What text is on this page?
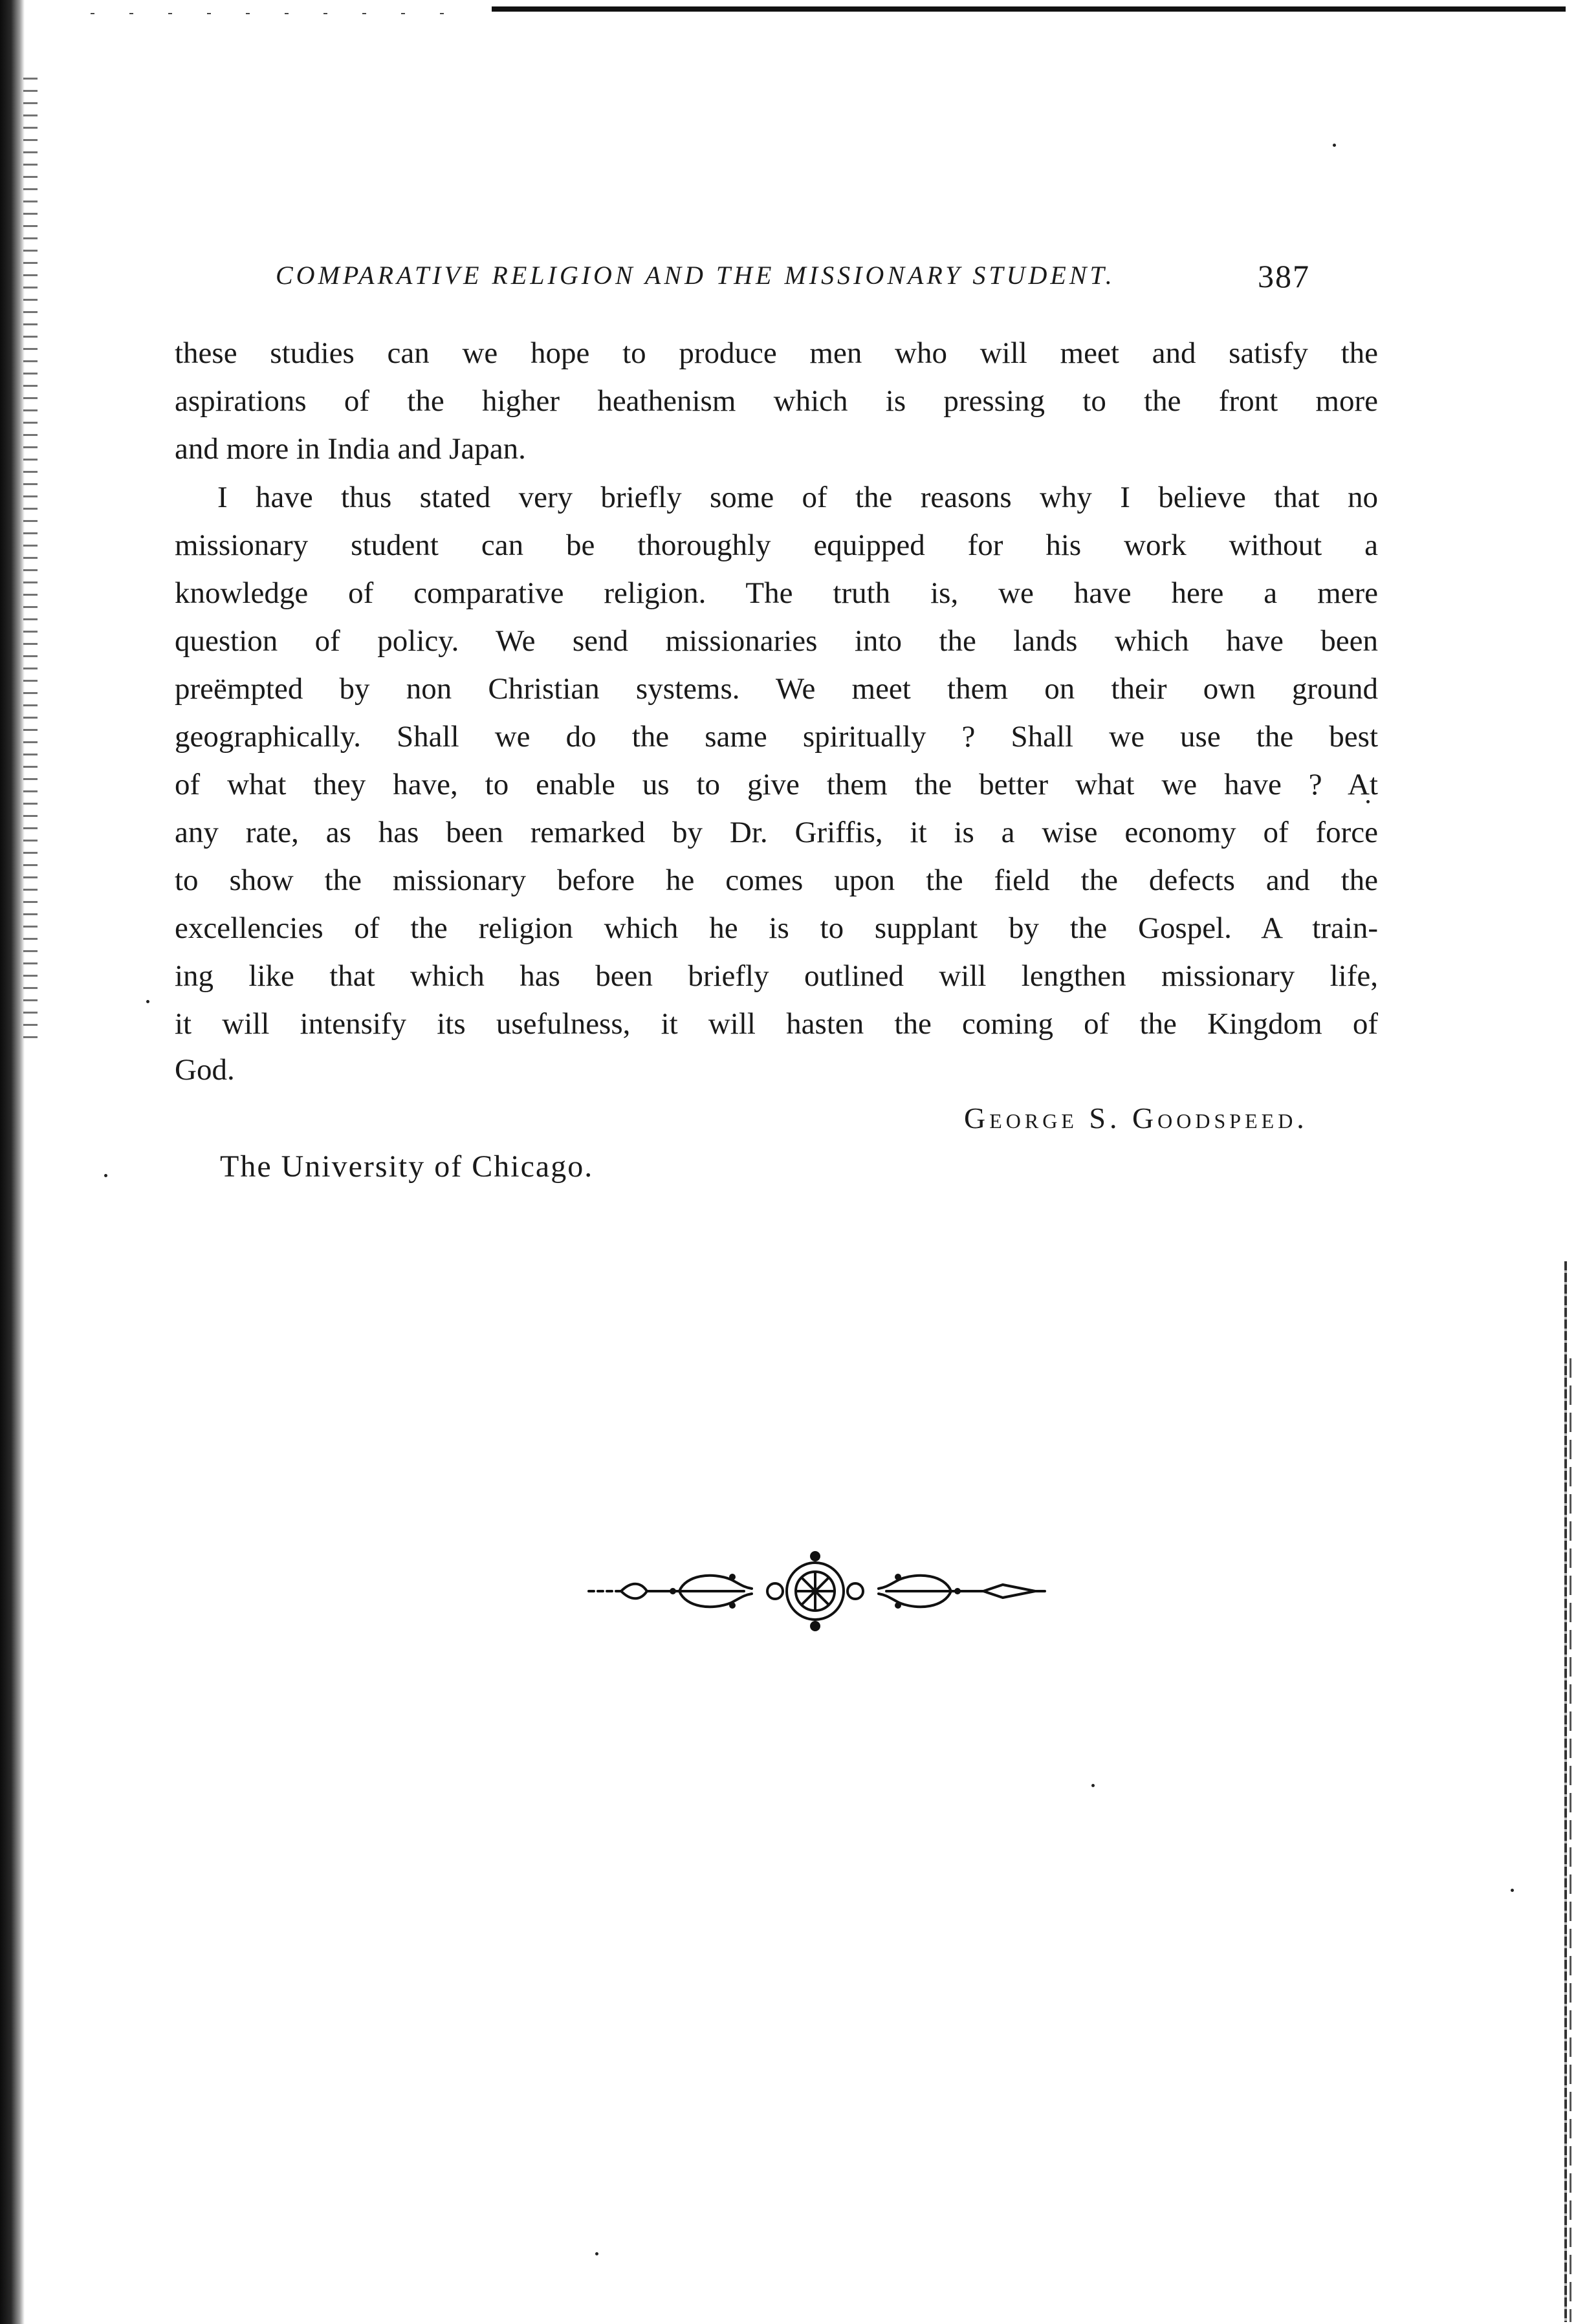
COMPARATIVE RELIGION AND THE MISSIONARY STUDENT.	387
these studies can we hope to produce men who will meet and satisfy the
aspirations of the higher heathenism which is pressing to the front more
and more in India and Japan.
I have thus stated very briefly some of the reasons why I believe that no
missionary student can be thoroughly equipped for his work without a
knowledge of comparative religion. The truth is, we have here a mere
question of policy. We send missionaries into the lands which have been
preëmpted by non Christian systems. We meet them on their own ground
geographically. Shall we do the same spiritually ? Shall we use the best
of what they have, to enable us to give them the better what we have ? At
any rate, as has been remarked by Dr. Griffis, it is a wise economy of force
to show the missionary before he comes upon the field the defects and the
excellencies of the religion which he is to supplant by the Gospel. A train-
ing like that which has been briefly outlined will lengthen missionary life,
it will intensify its usefulness, it will hasten the coming of the Kingdom of
God.
George S. Goodspeed.
The University of Chicago.
